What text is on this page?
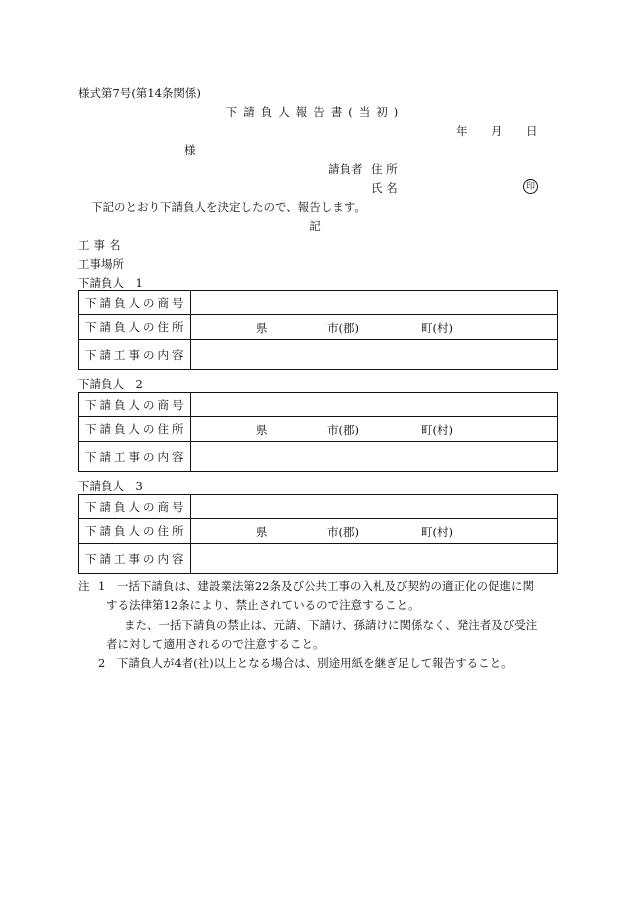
様式第7号(第14条関係)
下請負人報告書(当初)
年 月 日
様
請負者 住 所
氏 名	印
下記のとおり下請負人を決定したので、報告します。
記
工事名
工事場所
下請負人　1
下請負人の商号	
下請負人の住所	県 市(郡) 町(村)

下請工事の内容	
下請負人　2
下請負人の商号	
下請負人の住所	県 市(郡) 町(村)

下請工事の内容	
下請負人　3
下請負人の商号	
下請負人の住所	県 市(郡) 町(村)

下請工事の内容	
注 1　一括下請負は、建設業法第22条及び公共工事の入札及び契約の適正化の促進に関
する法律第12条により、禁止されているので注意すること。
また、一括下請負の禁止は、元請、下請け、孫請けに関係なく、発注者及び受注
者に対して適用されるので注意すること。
2　下請負人が4者(社)以上となる場合は、別途用紙を継ぎ足して報告すること。
